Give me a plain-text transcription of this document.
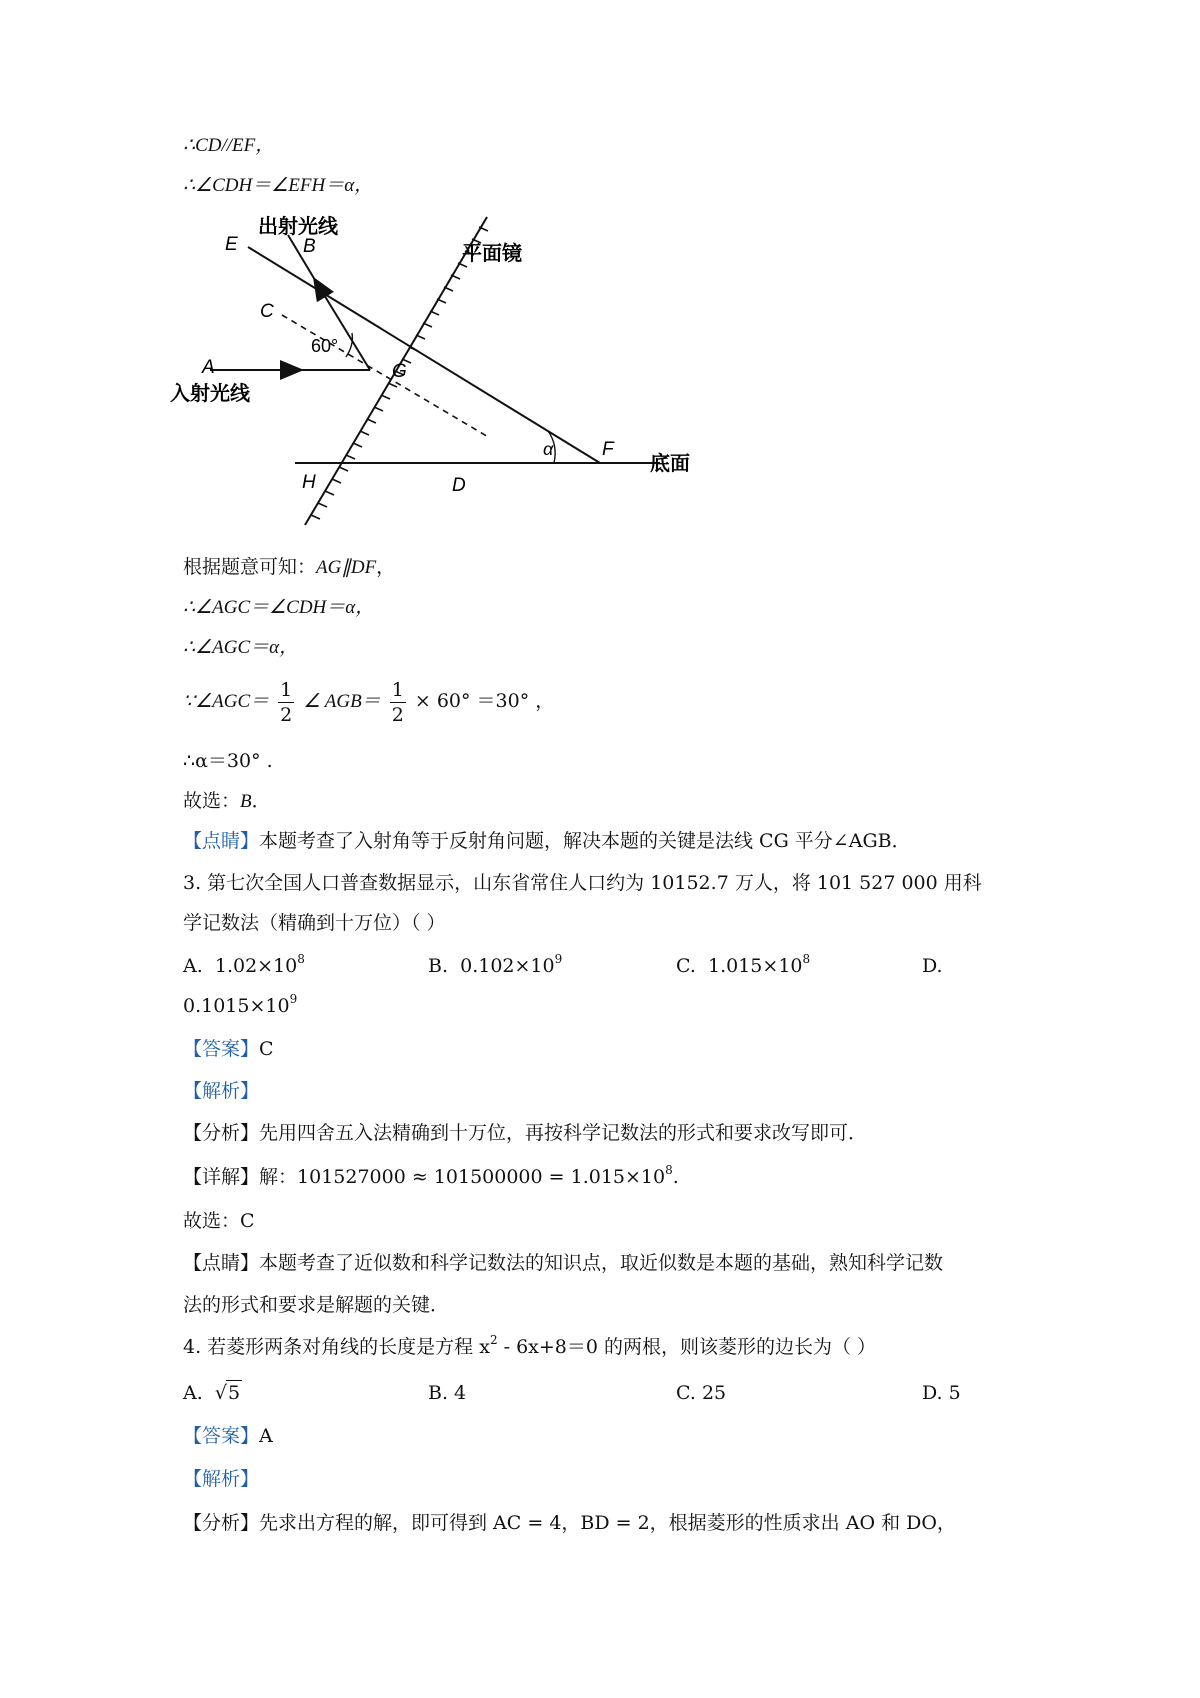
∴CD//EF，
∴∠CDH＝∠EFH＝α，
出射光线
平面镜
入射光线
底面
E	B
C
A	G
H	D
F
60°
α
根据题意可知：AG∥DF，
∴∠AGC＝∠CDH＝α，
∴∠AGC＝α，
∵∠AGC＝ $\frac{1}{2}$ ∠ $AGB= \frac{1}{2} \times 60^\circ =30^\circ$ ，
∴α＝30° .
故选：B．
【点睛】本题考查了入射角等于反射角问题，解决本题的关键是法线 CG 平分∠AGB．
3. 第七次全国人口普查数据显示，山东省常住人口约为 10152.7 万人，将 101 527 000 用科
学记数法（精确到十万位）（ ）
A. $1.02\times 10^8$	B. $0.102\times 10^9$	C. $1.015\times 10^8$	D.
$0.1015\times 10^9$
【答案】C
【解析】
【分析】先用四舍五入法精确到十万位，再按科学记数法的形式和要求改写即可．
【详解】解：$101527000 \approx 101500000 = 1.015\times 10^8$.
故选：C
【点睛】本题考查了近似数和科学记数法的知识点，取近似数是本题的基础，熟知科学记数
法的形式和要求是解题的关键．
4. 若菱形两条对角线的长度是方程 $x^2 - 6x+8=0$ 的两根，则该菱形的边长为（ ）
A.  √5	B. 4	C. 25	D. 5
【答案】A
【解析】
【分析】先求出方程的解，即可得到 AC = 4，BD = 2，根据菱形的性质求出 AO 和 DO，
